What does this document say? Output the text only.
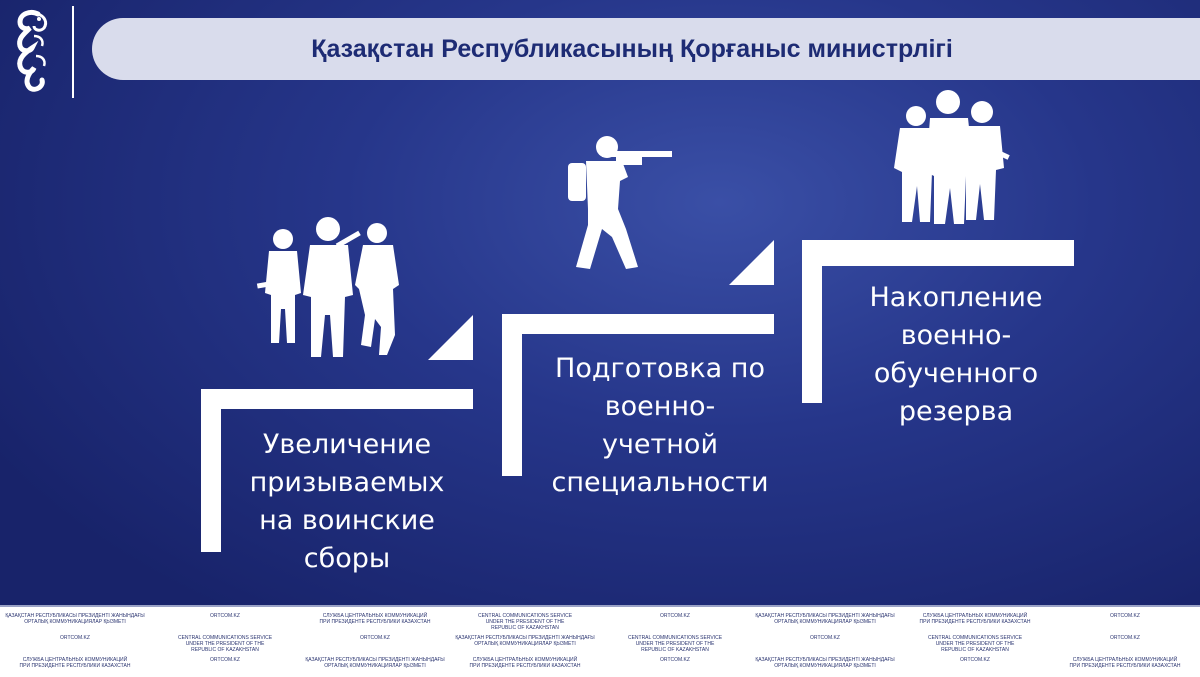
Қазақстан Республикасының Қорғаныс министрлігі
Увеличение
призываемых
на воинские
сборы
Подготовка по
военно-
учетной
специальности
Накопление
военно-
обученного
резерва
ҚАЗАҚСТАН РЕСПУБЛИКАСЫ ПРЕЗИДЕНТІ ЖАНЫНДАҒЫ
ОРТАЛЫҚ КОММУНИКАЦИЯЛАР ҚЫЗМЕТІ
ORTCOM.KZ	СЛУЖБА ЦЕНТРАЛЬНЫХ КОММУНИКАЦИЙ
ПРИ ПРЕЗИДЕНТЕ РЕСПУБЛИКИ КАЗАХСТАН
CENTRAL COMMUNICATIONS SERVICE
UNDER THE PRESIDENT OF THE
REPUBLIC OF KAZAKHSTAN
ORTCOM.KZ	ҚАЗАҚСТАН РЕСПУБЛИКАСЫ ПРЕЗИДЕНТІ ЖАНЫНДАҒЫ
ОРТАЛЫҚ КОММУНИКАЦИЯЛАР ҚЫЗМЕТІ
СЛУЖБА ЦЕНТРАЛЬНЫХ КОММУНИКАЦИЙ
ПРИ ПРЕЗИДЕНТЕ РЕСПУБЛИКИ КАЗАХСТАН
ORTCOM.KZ
ORTCOM.KZ	CENTRAL COMMUNICATIONS SERVICE
UNDER THE PRESIDENT OF THE
REPUBLIC OF KAZAKHSTAN
ORTCOM.KZ	ҚАЗАҚСТАН РЕСПУБЛИКАСЫ ПРЕЗИДЕНТІ ЖАНЫНДАҒЫ
ОРТАЛЫҚ КОММУНИКАЦИЯЛАР ҚЫЗМЕТІ
CENTRAL COMMUNICATIONS SERVICE
UNDER THE PRESIDENT OF THE
REPUBLIC OF KAZAKHSTAN
ORTCOM.KZ	CENTRAL COMMUNICATIONS SERVICE
UNDER THE PRESIDENT OF THE
REPUBLIC OF KAZAKHSTAN
ORTCOM.KZ
СЛУЖБА ЦЕНТРАЛЬНЫХ КОММУНИКАЦИЙ
ПРИ ПРЕЗИДЕНТЕ РЕСПУБЛИКИ КАЗАХСТАН
ORTCOM.KZ	ҚАЗАҚСТАН РЕСПУБЛИКАСЫ ПРЕЗИДЕНТІ ЖАНЫНДАҒЫ
ОРТАЛЫҚ КОММУНИКАЦИЯЛАР ҚЫЗМЕТІ
СЛУЖБА ЦЕНТРАЛЬНЫХ КОММУНИКАЦИЙ
ПРИ ПРЕЗИДЕНТЕ РЕСПУБЛИКИ КАЗАХСТАН
ORTCOM.KZ	ҚАЗАҚСТАН РЕСПУБЛИКАСЫ ПРЕЗИДЕНТІ ЖАНЫНДАҒЫ
ОРТАЛЫҚ КОММУНИКАЦИЯЛАР ҚЫЗМЕТІ
ORTCOM.KZ	СЛУЖБА ЦЕНТРАЛЬНЫХ КОММУНИКАЦИЙ
ПРИ ПРЕЗИДЕНТЕ РЕСПУБЛИКИ КАЗАХСТАН
